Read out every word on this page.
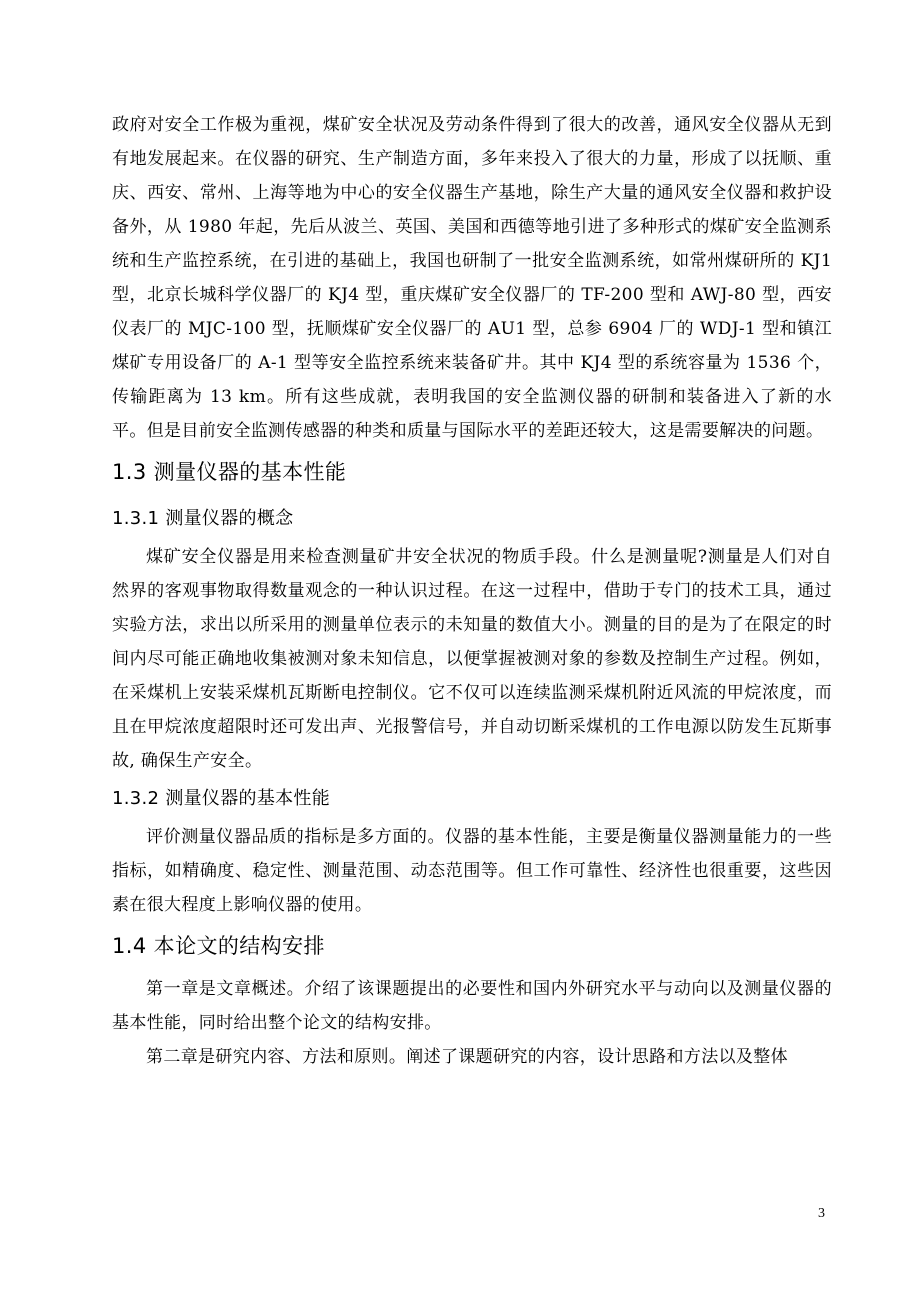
政府对安全工作极为重视，煤矿安全状况及劳动条件得到了很大的改善，通风安全仪器从无到有地发展起来。在仪器的研究、生产制造方面，多年来投入了很大的力量，形成了以抚顺、重庆、西安、常州、上海等地为中心的安全仪器生产基地，除生产大量的通风安全仪器和救护设备外，从 1980 年起，先后从波兰、英国、美国和西德等地引进了多种形式的煤矿安全监测系统和生产监控系统，在引进的基础上，我国也研制了一批安全监测系统，如常州煤研所的 KJ1 型，北京长城科学仪器厂的 KJ4 型，重庆煤矿安全仪器厂的 TF-200 型和 AWJ-80 型，西安仪表厂的 MJC-100 型，抚顺煤矿安全仪器厂的 AU1 型，总参 6904 厂的 WDJ-1 型和镇江煤矿专用设备厂的 A-1 型等安全监控系统来装备矿井。其中 KJ4 型的系统容量为 1536 个，传输距离为 13 km。所有这些成就，表明我国的安全监测仪器的研制和装备进入了新的水平。但是目前安全监测传感器的种类和质量与国际水平的差距还较大，这是需要解决的问题。

1.3 测量仪器的基本性能
1.3.1 测量仪器的概念

煤矿安全仪器是用来检查测量矿井安全状况的物质手段。什么是测量呢?测量是人们对自然界的客观事物取得数量观念的一种认识过程。在这一过程中，借助于专门的技术工具，通过实验方法，求出以所采用的测量单位表示的未知量的数值大小。测量的目的是为了在限定的时间内尽可能正确地收集被测对象未知信息，以便掌握被测对象的参数及控制生产过程。例如，在采煤机上安装采煤机瓦斯断电控制仪。它不仅可以连续监测采煤机附近风流的甲烷浓度，而且在甲烷浓度超限时还可发出声、光报警信号，并自动切断采煤机的工作电源以防发生瓦斯事故, 确保生产安全。

1.3.2 测量仪器的基本性能

评价测量仪器品质的指标是多方面的。仪器的基本性能，主要是衡量仪器测量能力的一些指标，如精确度、稳定性、测量范围、动态范围等。但工作可靠性、经济性也很重要，这些因素在很大程度上影响仪器的使用。

1.4 本论文的结构安排

第一章是文章概述。介绍了该课题提出的必要性和国内外研究水平与动向以及测量仪器的基本性能，同时给出整个论文的结构安排。

第二章是研究内容、方法和原则。阐述了课题研究的内容，设计思路和方法以及整体

3
